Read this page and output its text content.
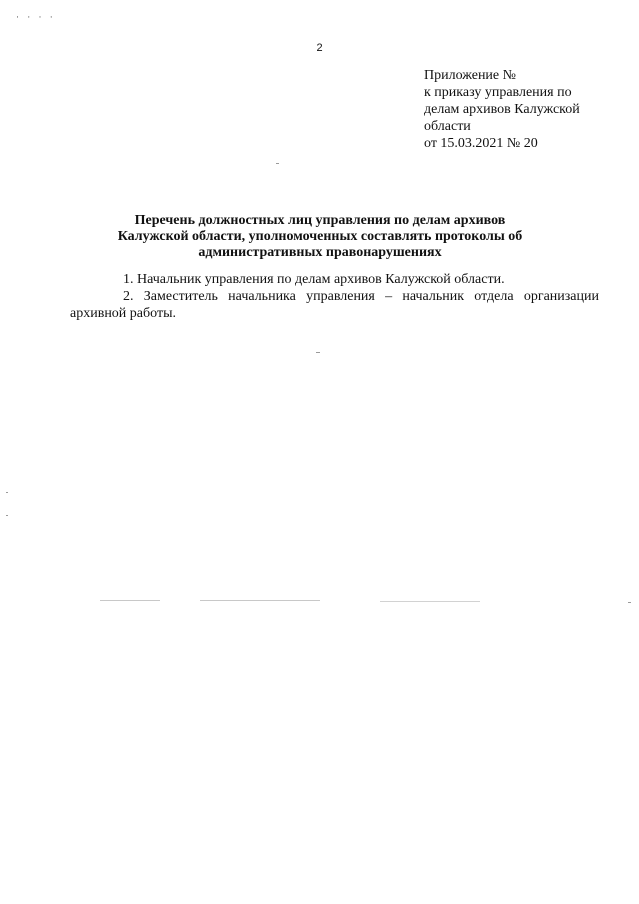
· · · ·
2
Приложение №
к приказу управления по
делам архивов Калужской
области
от 15.03.2021 № 20
Перечень должностных лиц управления по делам архивов
Калужской области, уполномоченных составлять протоколы об
административных правонарушениях

1. Начальник управления по делам архивов Калужской области.

2. Заместитель начальника управления – начальник отдела организации
архивной работы.
